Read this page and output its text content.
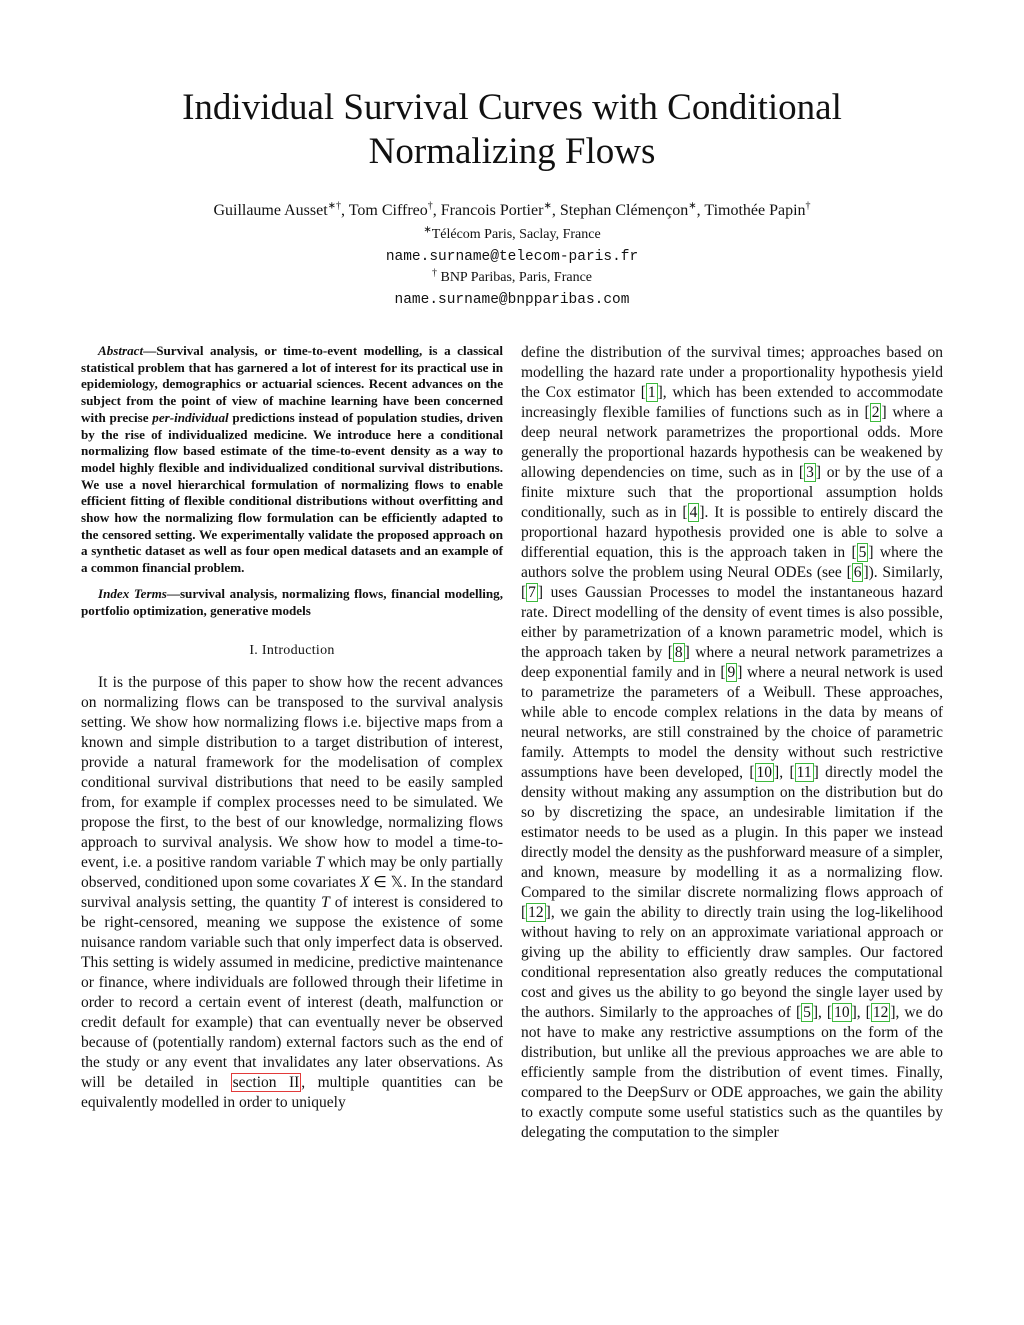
Individual Survival Curves with Conditional
Normalizing Flows
Guillaume Ausset∗†, Tom Ciffreo†, Francois Portier∗, Stephan Clémençon∗, Timothée Papin†
∗Télécom Paris, Saclay, France
name.surname@telecom-paris.fr
† BNP Paribas, Paris, France
name.surname@bnpparibas.com

Abstract—Survival analysis, or time-to-event modelling, is a classical statistical problem that has garnered a lot of interest for its practical use in epidemiology, demographics or actuarial sciences. Recent advances on the subject from the point of view of machine learning have been concerned with precise per-individual predictions instead of population studies, driven by the rise of individualized medicine. We introduce here a conditional normalizing flow based estimate of the time-to-event density as a way to model highly flexible and individualized conditional survival distributions. We use a novel hierarchical formulation of normalizing flows to enable efficient fitting of flexible conditional distributions without overfitting and show how the normalizing flow formulation can be efficiently adapted to the censored setting. We experimentally validate the proposed approach on a synthetic dataset as well as four open medical datasets and an example of a common financial problem.

Index Terms—survival analysis, normalizing flows, financial modelling, portfolio optimization, generative models

I. Introduction

It is the purpose of this paper to show how the recent advances on normalizing flows can be transposed to the survival analysis setting. We show how normalizing flows i.e. bijective maps from a known and simple distribution to a target distribution of interest, provide a natural framework for the modelisation of complex conditional survival distributions that need to be easily sampled from, for example if complex processes need to be simulated. We propose the first, to the best of our knowledge, normalizing flows approach to survival analysis. We show how to model a time-to-event, i.e. a positive random variable T which may be only partially observed, conditioned upon some covariates X ∈ 𝕏. In the standard survival analysis setting, the quantity T of interest is considered to be right-censored, meaning we suppose the existence of some nuisance random variable such that only imperfect data is observed. This setting is widely assumed in medicine, predictive maintenance or finance, where individuals are followed through their lifetime in order to record a certain event of interest (death, malfunction or credit default for example) that can eventually never be observed because of (potentially random) external factors such as the end of the study or any event that invalidates any later observations. As will be detailed in section II , multiple quantities can be equivalently modelled in order to uniquely

define the distribution of the survival times; approaches based on modelling the hazard rate under a proportionality hypothesis yield the Cox estimator [ 1 ], which has been extended to accommodate increasingly flexible families of functions such as in [ 2 ] where a deep neural network parametrizes the proportional odds. More generally the proportional hazards hypothesis can be weakened by allowing dependencies on time, such as in [ 3 ] or by the use of a finite mixture such that the proportional assumption holds conditionally, such as in [ 4 ]. It is possible to entirely discard the proportional hazard hypothesis provided one is able to solve a differential equation, this is the approach taken in [ 5 ] where the authors solve the problem using Neural ODEs (see [ 6 ]). Similarly, [ 7 ] uses Gaussian Processes to model the instantaneous hazard rate. Direct modelling of the density of event times is also possible, either by parametrization of a known parametric model, which is the approach taken by [ 8 ] where a neural network parametrizes a deep exponential family and in [ 9 ] where a neural network is used to parametrize the parameters of a Weibull. These approaches, while able to encode complex relations in the data by means of neural networks, are still constrained by the choice of parametric family. Attempts to model the density without such restrictive assumptions have been developed, [ 10 ], [ 11 ] directly model the density without making any assumption on the distribution but do so by discretizing the space, an undesirable limitation if the estimator needs to be used as a plugin. In this paper we instead directly model the density as the pushforward measure of a simpler, and known, measure by modelling it as a normalizing flow. Compared to the similar discrete normalizing flows approach of [ 12 ], we gain the ability to directly train using the log-likelihood without having to rely on an approximate variational approach or giving up the ability to efficiently draw samples. Our factored conditional representation also greatly reduces the computational cost and gives us the ability to go beyond the single layer used by the authors. Similarly to the approaches of [ 5 ], [ 10 ], [ 12 ], we do not have to make any restrictive assumptions on the form of the distribution, but unlike all the previous approaches we are able to efficiently sample from the distribution of event times. Finally, compared to the DeepSurv or ODE approaches, we gain the ability to exactly compute some useful statistics such as the quantiles by delegating the computation to the simpler
